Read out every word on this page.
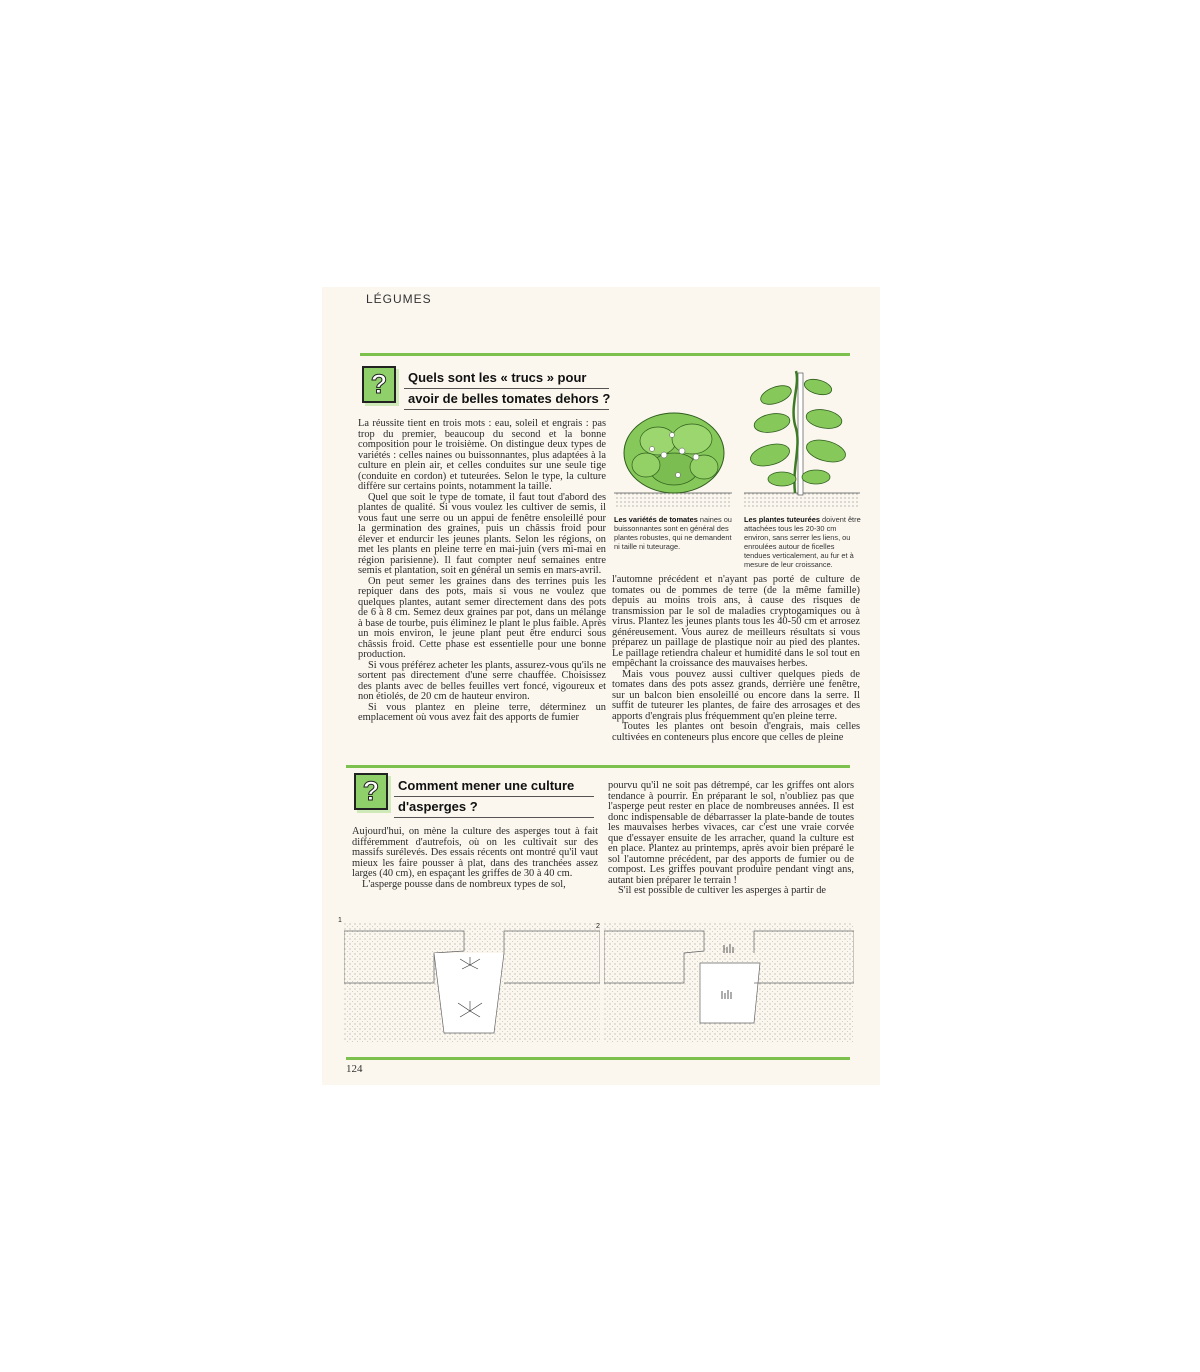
LÉGUMES
?	Quels sont les « trucs » pour
avoir de belles tomates dehors ?

La réussite tient en trois mots : eau, soleil et engrais : pas trop du premier, beaucoup du second et la bonne composition pour le troisième. On distingue deux types de variétés : celles naines ou buissonnantes, plus adaptées à la culture en plein air, et celles conduites sur une seule tige (conduite en cordon) et tuteurées. Selon le type, la culture diffère sur certains points, notamment la taille.

Quel que soit le type de tomate, il faut tout d'abord des plantes de qualité. Si vous voulez les cultiver de semis, il vous faut une serre ou un appui de fenêtre ensoleillé pour la germination des graines, puis un châssis froid pour élever et endurcir les jeunes plants. Selon les régions, on met les plants en pleine terre en mai-juin (vers mi-mai en région parisienne). Il faut compter neuf semaines entre semis et plantation, soit en général un semis en mars-avril.

On peut semer les graines dans des terrines puis les repiquer dans des pots, mais si vous ne voulez que quelques plantes, autant semer directement dans des pots de 6 à 8 cm. Semez deux graines par pot, dans un mélange à base de tourbe, puis éliminez le plant le plus faible. Après un mois environ, le jeune plant peut être endurci sous châssis froid. Cette phase est essentielle pour une bonne production.

Si vous préférez acheter les plants, assurez-vous qu'ils ne sortent pas directement d'une serre chauffée. Choisissez des plants avec de belles feuilles vert foncé, vigoureux et non étiolés, de 20 cm de hauteur environ.

Si vous plantez en pleine terre, déterminez un emplacement où vous avez fait des apports de fumier

Les variétés de tomates naines ou buissonnantes sont en général des plantes robustes, qui ne demandent ni taille ni tuteurage.
Les plantes tuteurées doivent être attachées tous les 20-30 cm environ, sans serrer les liens, ou enroulées autour de ficelles tendues verticalement, au fur et à mesure de leur croissance.

l'automne précédent et n'ayant pas porté de culture de tomates ou de pommes de terre (de la même famille) depuis au moins trois ans, à cause des risques de transmission par le sol de maladies cryptogamiques ou à virus. Plantez les jeunes plants tous les 40-50 cm et arrosez généreusement. Vous aurez de meilleurs résultats si vous préparez un paillage de plastique noir au pied des plantes. Le paillage retiendra chaleur et humidité dans le sol tout en empêchant la croissance des mauvaises herbes.

Mais vous pouvez aussi cultiver quelques pieds de tomates dans des pots assez grands, derrière une fenêtre, sur un balcon bien ensoleillé ou encore dans la serre. Il suffit de tuteurer les plantes, de faire des arrosages et des apports d'engrais plus fréquemment qu'en pleine terre.

Toutes les plantes ont besoin d'engrais, mais celles cultivées en conteneurs plus encore que celles de pleine

?	Comment mener une culture
d'asperges ?

Aujourd'hui, on mène la culture des asperges tout à fait différemment d'autrefois, où on les cultivait sur des massifs surélevés. Des essais récents ont montré qu'il vaut mieux les faire pousser à plat, dans des tranchées assez larges (40 cm), en espaçant les griffes de 30 à 40 cm.

L'asperge pousse dans de nombreux types de sol,

pourvu qu'il ne soit pas détrempé, car les griffes ont alors tendance à pourrir. En préparant le sol, n'oubliez pas que l'asperge peut rester en place de nombreuses années. Il est donc indispensable de débarrasser la plate-bande de toutes les mauvaises herbes vivaces, car c'est une vraie corvée que d'essayer ensuite de les arracher, quand la culture est en place. Plantez au printemps, après avoir bien préparé le sol l'automne précédent, par des apports de fumier ou de compost. Les griffes pouvant produire pendant vingt ans, autant bien préparer le terrain !

S'il est possible de cultiver les asperges à partir de

1
2
124
